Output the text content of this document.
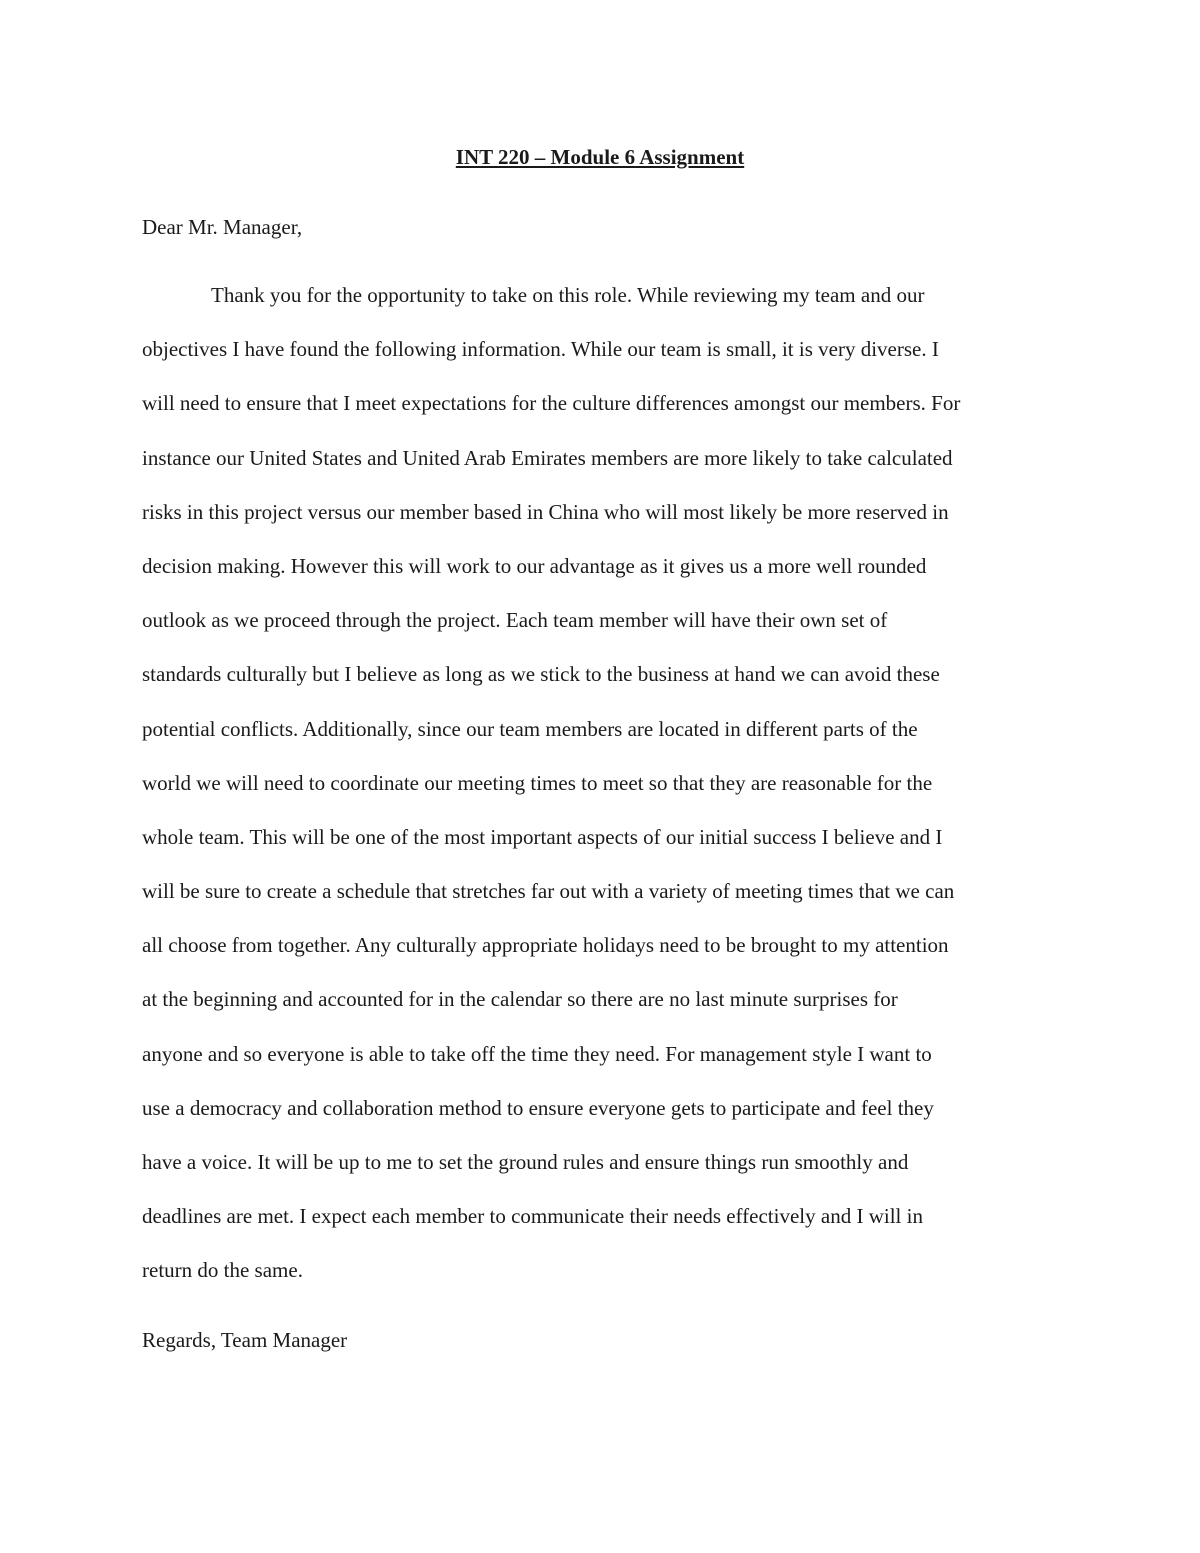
INT 220 – Module 6 Assignment

Dear Mr. Manager,

Thank you for the opportunity to take on this role. While reviewing my team and our
objectives I have found the following information. While our team is small, it is very diverse. I
will need to ensure that I meet expectations for the culture differences amongst our members. For
instance our United States and United Arab Emirates members are more likely to take calculated
risks in this project versus our member based in China who will most likely be more reserved in
decision making. However this will work to our advantage as it gives us a more well rounded
outlook as we proceed through the project. Each team member will have their own set of
standards culturally but I believe as long as we stick to the business at hand we can avoid these
potential conflicts. Additionally, since our team members are located in different parts of the
world we will need to coordinate our meeting times to meet so that they are reasonable for the
whole team. This will be one of the most important aspects of our initial success I believe and I
will be sure to create a schedule that stretches far out with a variety of meeting times that we can
all choose from together. Any culturally appropriate holidays need to be brought to my attention
at the beginning and accounted for in the calendar so there are no last minute surprises for
anyone and so everyone is able to take off the time they need. For management style I want to
use a democracy and collaboration method to ensure everyone gets to participate and feel they
have a voice. It will be up to me to set the ground rules and ensure things run smoothly and
deadlines are met. I expect each member to communicate their needs effectively and I will in
return do the same.

Regards, Team Manager
